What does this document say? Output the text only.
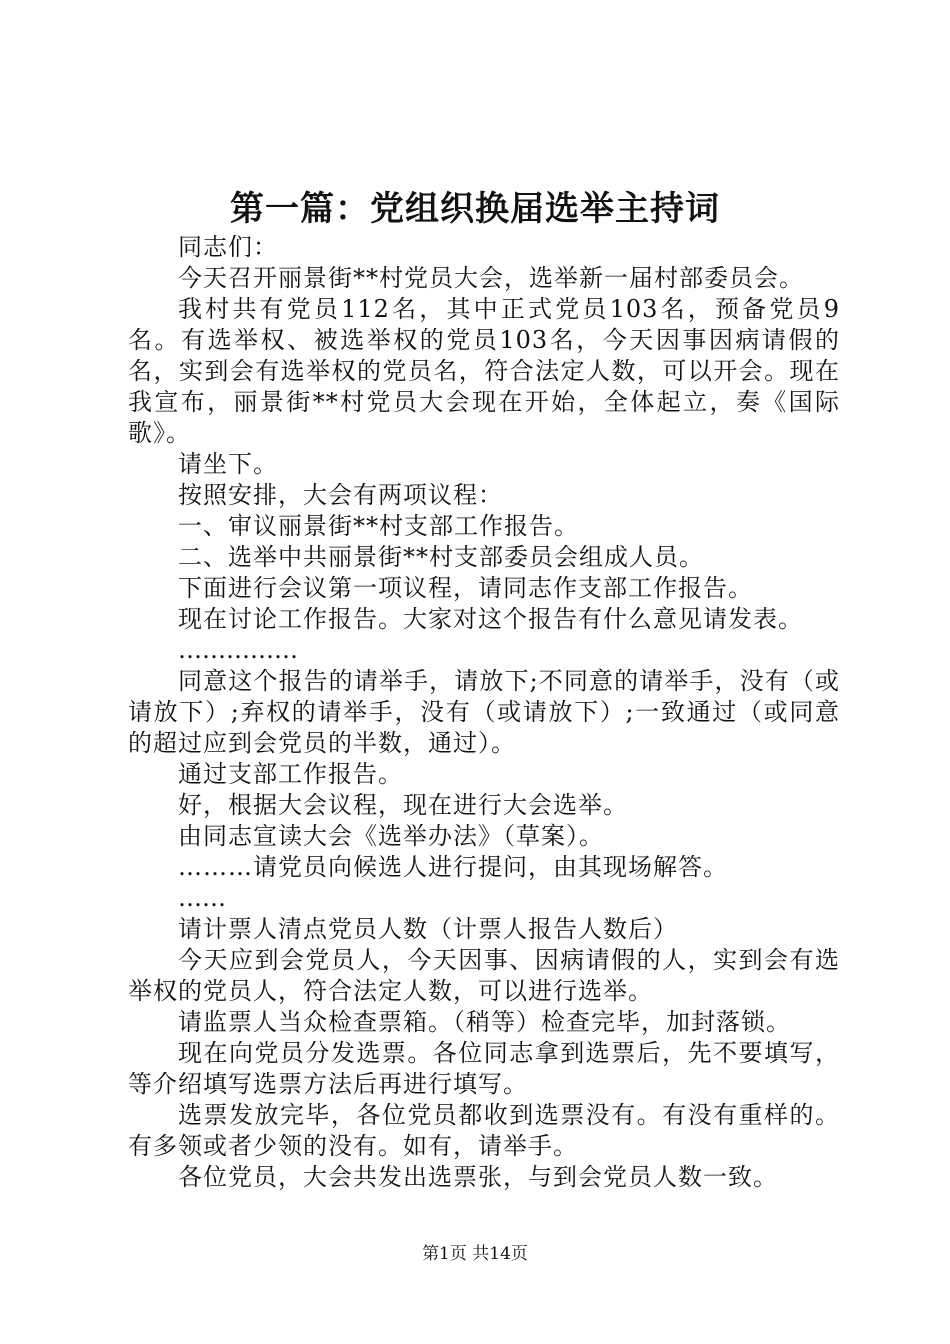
第一篇：党组织换届选举主持词

同志们：

今天召开丽景街**村党员大会，选举新一届村部委员会。

我村共有党员112名，其中正式党员103名，预备党员9名。有选举权、被选举权的党员103名，今天因事因病请假的名，实到会有选举权的党员名，符合法定人数，可以开会。现在我宣布，丽景街**村党员大会现在开始，全体起立，奏《国际歌》。

请坐下。

按照安排，大会有两项议程：

一、审议丽景街**村支部工作报告。

二、选举中共丽景街**村支部委员会组成人员。

下面进行会议第一项议程，请同志作支部工作报告。

现在讨论工作报告。大家对这个报告有什么意见请发表。

……………

同意这个报告的请举手，请放下;不同意的请举手，没有（或请放下）;弃权的请举手，没有（或请放下）;一致通过（或同意的超过应到会党员的半数，通过）。

通过支部工作报告。

好，根据大会议程，现在进行大会选举。

由同志宣读大会《选举办法》（草案）。

………请党员向候选人进行提问，由其现场解答。

……

请计票人清点党员人数（计票人报告人数后）

今天应到会党员人，今天因事、因病请假的人，实到会有选举权的党员人，符合法定人数，可以进行选举。

请监票人当众检查票箱。（稍等）检查完毕，加封落锁。

现在向党员分发选票。各位同志拿到选票后，先不要填写，等介绍填写选票方法后再进行填写。

选票发放完毕，各位党员都收到选票没有。有没有重样的。有多领或者少领的没有。如有，请举手。

各位党员，大会共发出选票张，与到会党员人数一致。

第1页 共14页
